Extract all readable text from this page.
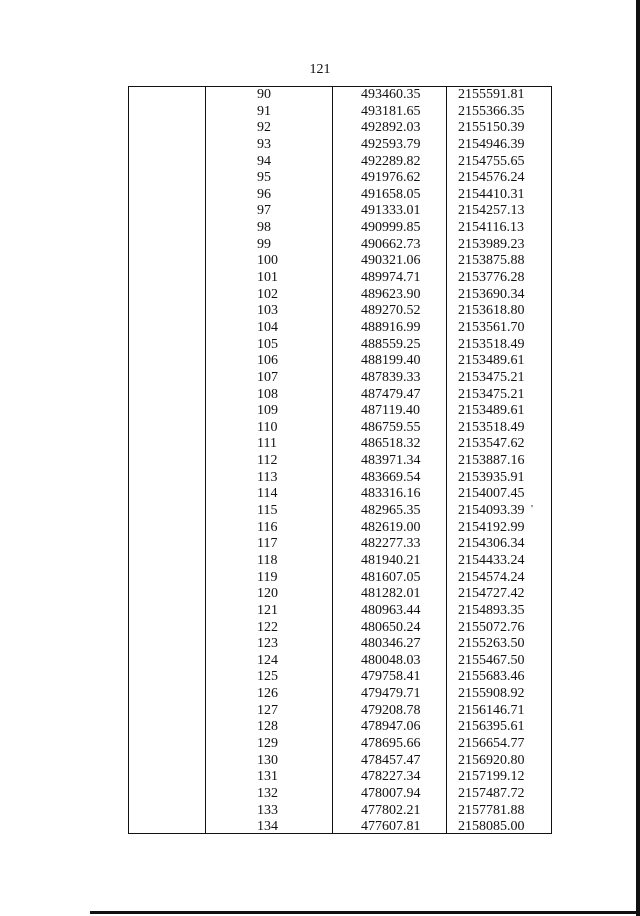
121
90	493460.35	2155591.81
91	493181.65	2155366.35
92	492892.03	2155150.39
93	492593.79	2154946.39
94	492289.82	2154755.65
95	491976.62	2154576.24
96	491658.05	2154410.31
97	491333.01	2154257.13
98	490999.85	2154116.13
99	490662.73	2153989.23
100	490321.06	2153875.88
101	489974.71	2153776.28
102	489623.90	2153690.34
103	489270.52	2153618.80
104	488916.99	2153561.70
105	488559.25	2153518.49
106	488199.40	2153489.61
107	487839.33	2153475.21
108	487479.47	2153475.21
109	487119.40	2153489.61
110	486759.55	2153518.49
111	486518.32	2153547.62
112	483971.34	2153887.16
113	483669.54	2153935.91
114	483316.16	2154007.45
115	482965.35	2154093.39
116	482619.00	2154192.99
117	482277.33	2154306.34
118	481940.21	2154433.24
119	481607.05	2154574.24
120	481282.01	2154727.42
121	480963.44	2154893.35
122	480650.24	2155072.76
123	480346.27	2155263.50
124	480048.03	2155467.50
125	479758.41	2155683.46
126	479479.71	2155908.92
127	479208.78	2156146.71
128	478947.06	2156395.61
129	478695.66	2156654.77
130	478457.47	2156920.80
131	478227.34	2157199.12
132	478007.94	2157487.72
133	477802.21	2157781.88
134	477607.81	2158085.00
'
